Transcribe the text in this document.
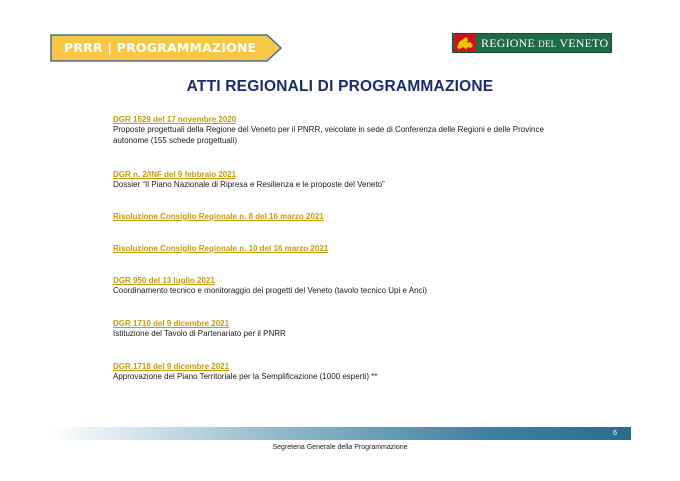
PRRR | PROGRAMMAZIONE	REGIONE DEL VENETO
ATTI REGIONALI DI PROGRAMMAZIONE
DGR 1529 del 17 novembre 2020
Proposte progettuali della Regione del Veneto per il PNRR, veicolate in sede di Conferenza delle Regioni e delle Province autonome (155 schede progettuali)
DGR n. 2/INF del 9 febbraio 2021
Dossier “Il Piano Nazionale di Ripresa e Resilienza e le proposte del Veneto”
Risoluzione Consiglio Regionale n. 8 del 16 marzo 2021
Risoluzione Consiglio Regionale n. 10 del 16 marzo 2021
DGR 950 del 13 luglio 2021
Coordinamento tecnico e monitoraggio dei progetti del Veneto (tavolo tecnico Upi e Anci)
DGR 1710 del 9 dicembre 2021
Istituzione del Tavolo di Partenariato per il PNRR
DGR 1718 del 9 dicembre 2021
Approvazione del Piano Territoriale per la Semplificazione (1000 esperti) **
6
Segreteria Generale della Programmazione
